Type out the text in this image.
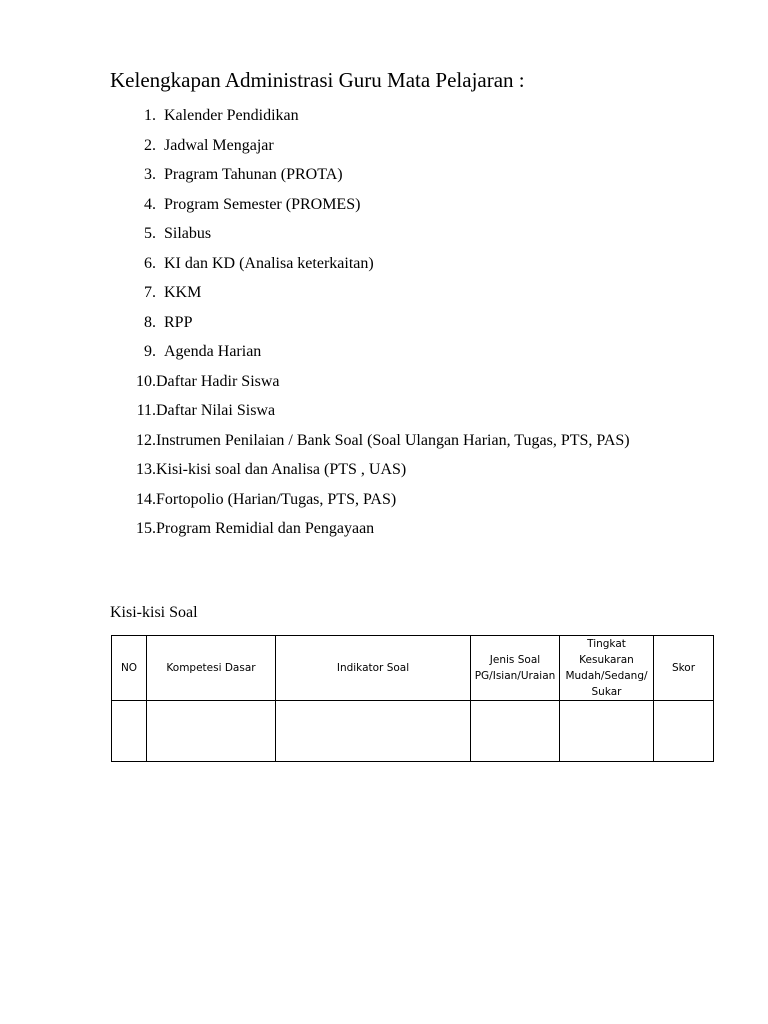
Kelengkapan Administrasi Guru Mata Pelajaran :
1. Kalender Pendidikan
2. Jadwal Mengajar
3. Pragram Tahunan (PROTA)
4. Program Semester (PROMES)
5. Silabus
6. KI dan KD (Analisa keterkaitan)
7. KKM
8. RPP
9. Agenda Harian
10.Daftar Hadir Siswa
11.Daftar Nilai Siswa
12.Instrumen Penilaian / Bank Soal (Soal Ulangan Harian, Tugas, PTS, PAS)
13.Kisi-kisi soal dan Analisa (PTS , UAS)
14.Fortopolio (Harian/Tugas, PTS, PAS)
15.Program Remidial dan Pengayaan
Kisi-kisi Soal
NO	Kompetesi Dasar	Indikator Soal	Jenis Soal PG/Isian/Uraian	Tingkat Kesukaran Mudah/Sedang/ Sukar	Skor
